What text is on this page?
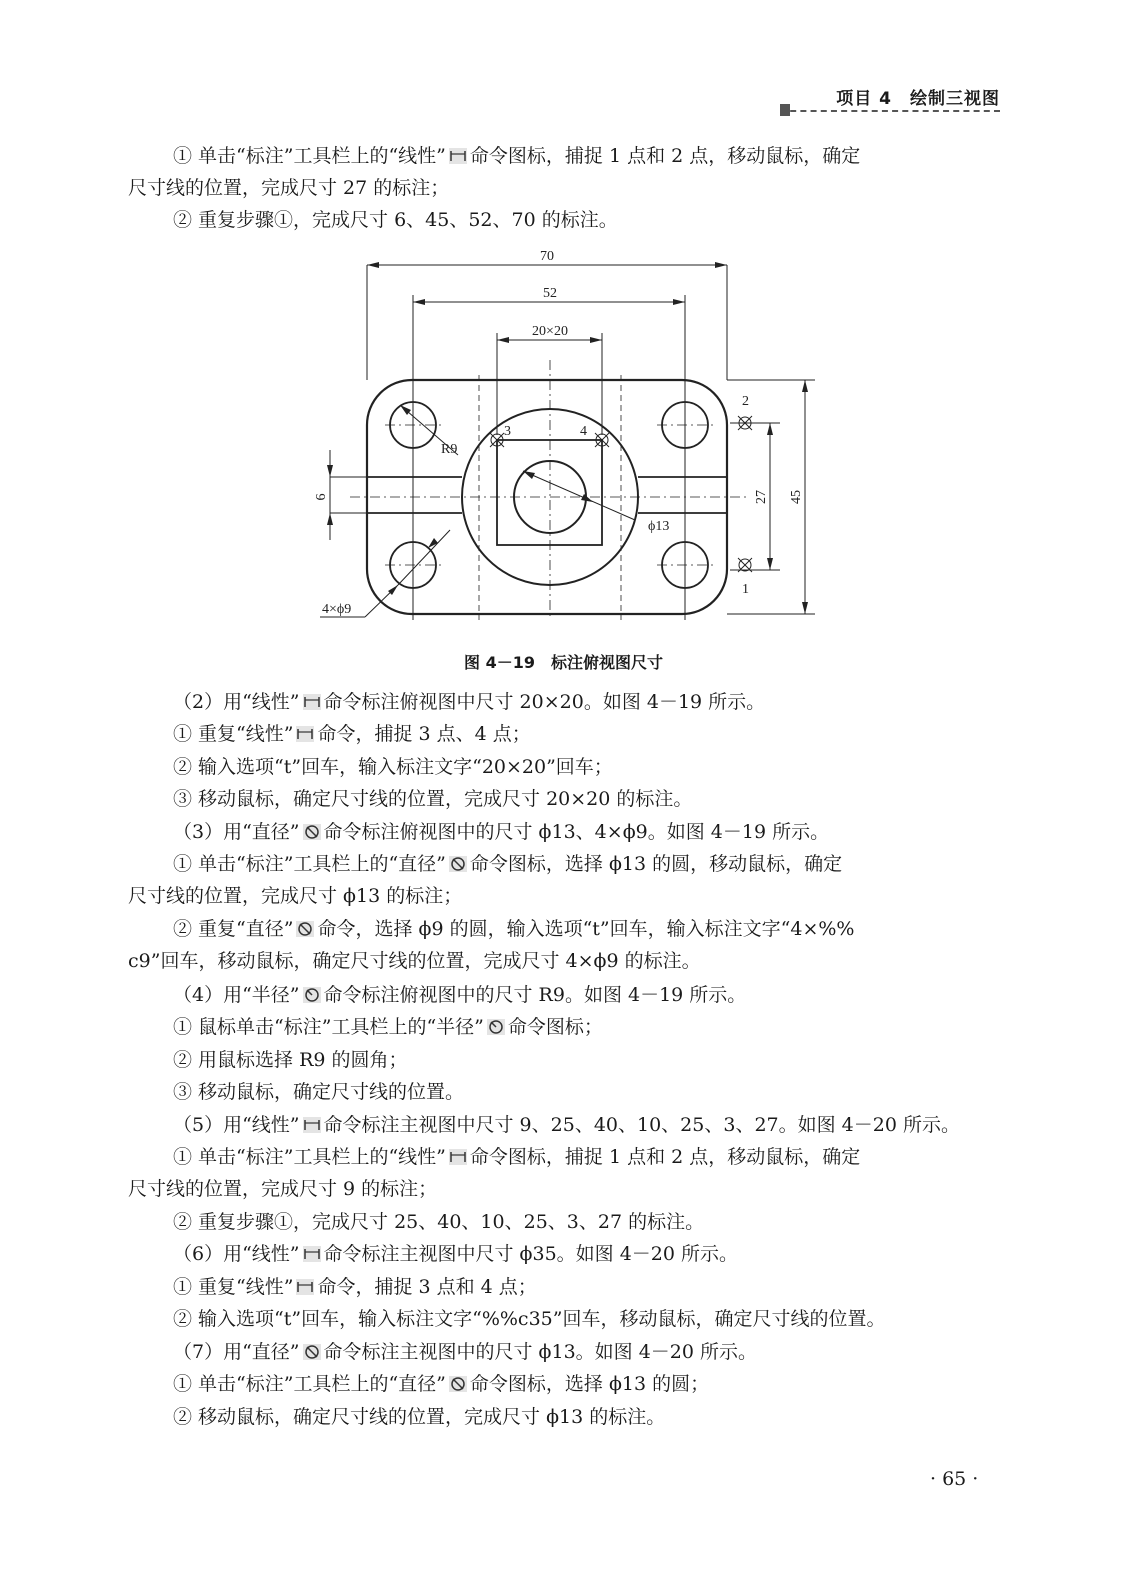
项目 4　绘制三视图
① 单击“标注”工具栏上的“线性” 命令图标，捕捉 1 点和 2 点，移动鼠标，确定
尺寸线的位置，完成尺寸 27 的标注；
② 重复步骤①，完成尺寸 6、45、52、70 的标注。
（2）用“线性” 命令标注俯视图中尺寸 20×20。如图 4－19 所示。
① 重复“线性” 命令，捕捉 3 点、4 点；
② 输入选项“t”回车，输入标注文字“20×20”回车；
③ 移动鼠标，确定尺寸线的位置，完成尺寸 20×20 的标注。
（3）用“直径” 命令标注俯视图中的尺寸 ϕ13、4×ϕ9。如图 4－19 所示。
① 单击“标注”工具栏上的“直径” 命令图标，选择 ϕ13 的圆，移动鼠标，确定
尺寸线的位置，完成尺寸 ϕ13 的标注；
② 重复“直径” 命令，选择 ϕ9 的圆，输入选项“t”回车，输入标注文字“4×%%
c9”回车，移动鼠标，确定尺寸线的位置，完成尺寸 4×ϕ9 的标注。
（4）用“半径” 命令标注俯视图中的尺寸 R9。如图 4－19 所示。
① 鼠标单击“标注”工具栏上的“半径” 命令图标；
② 用鼠标选择 R9 的圆角；
③ 移动鼠标，确定尺寸线的位置。
（5）用“线性” 命令标注主视图中尺寸 9、25、40、10、25、3、27。如图 4－20 所示。
① 单击“标注”工具栏上的“线性” 命令图标，捕捉 1 点和 2 点，移动鼠标，确定
尺寸线的位置，完成尺寸 9 的标注；
② 重复步骤①，完成尺寸 25、40、10、25、3、27 的标注。
（6）用“线性” 命令标注主视图中尺寸 ϕ35。如图 4－20 所示。
① 重复“线性” 命令，捕捉 3 点和 4 点；
② 输入选项“t”回车，输入标注文字“%%c35”回车，移动鼠标，确定尺寸线的位置。
（7）用“直径” 命令标注主视图中的尺寸 ϕ13。如图 4－20 所示。
① 单击“标注”工具栏上的“直径” 命令图标，选择 ϕ13 的圆；
② 移动鼠标，确定尺寸线的位置，完成尺寸 ϕ13 的标注。
70
52
20×20
R9
6	27 45
ϕ13
4×ϕ9
2
1
3	4
图 4－19　标注俯视图尺寸
· 65 ·
